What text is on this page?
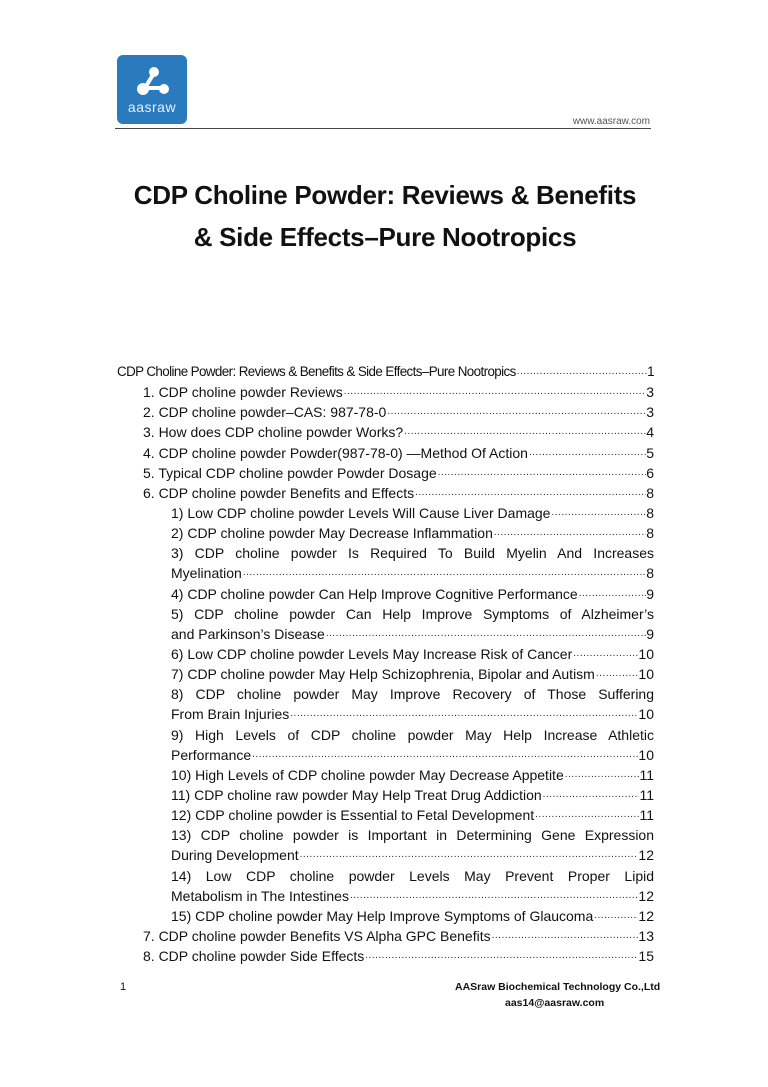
aasraw
www.aasraw.com
CDP Choline Powder: Reviews & Benefits
& Side Effects–Pure Nootropics
CDP Choline Powder: Reviews & Benefits & Side Effects–Pure Nootropics .....	1
1. CDP choline powder Reviews .....	3
2. CDP choline powder–CAS: 987-78-0 .....	3
3. How does CDP choline powder Works? .....	4
4. CDP choline powder Powder(987-78-0) —Method Of Action .....	5
5. Typical CDP choline powder Powder Dosage .....	6
6. CDP choline powder Benefits and Effects .....	8
1) Low CDP choline powder Levels Will Cause Liver Damage .....	8
2) CDP choline powder May Decrease Inflammation .....	8
3) CDP choline powder Is Required To Build Myelin And Increases
Myelination .....	8
4) CDP choline powder Can Help Improve Cognitive Performance .....	9
5) CDP choline powder Can Help Improve Symptoms of Alzheimer’s
and Parkinson’s Disease .....	9
6) Low CDP choline powder Levels May Increase Risk of Cancer .....	10
7) CDP choline powder May Help Schizophrenia, Bipolar and Autism .....	10
8) CDP choline powder May Improve Recovery of Those Suffering
From Brain Injuries .....	10
9) High Levels of CDP choline powder May Help Increase Athletic
Performance .....	10
10) High Levels of CDP choline powder May Decrease Appetite .....	11
11) CDP choline raw powder May Help Treat Drug Addiction .....	11
12) CDP choline powder is Essential to Fetal Development .....	11
13) CDP choline powder is Important in Determining Gene Expression
During Development .....	12
14) Low CDP choline powder Levels May Prevent Proper Lipid
Metabolism in The Intestines .....	12
15) CDP choline powder May Help Improve Symptoms of Glaucoma .....	12
7. CDP choline powder Benefits VS Alpha GPC Benefits .....	13
8. CDP choline powder Side Effects .....	15
1	AASraw Biochemical Technology Co.,Ltd
aas14@aasraw.com
